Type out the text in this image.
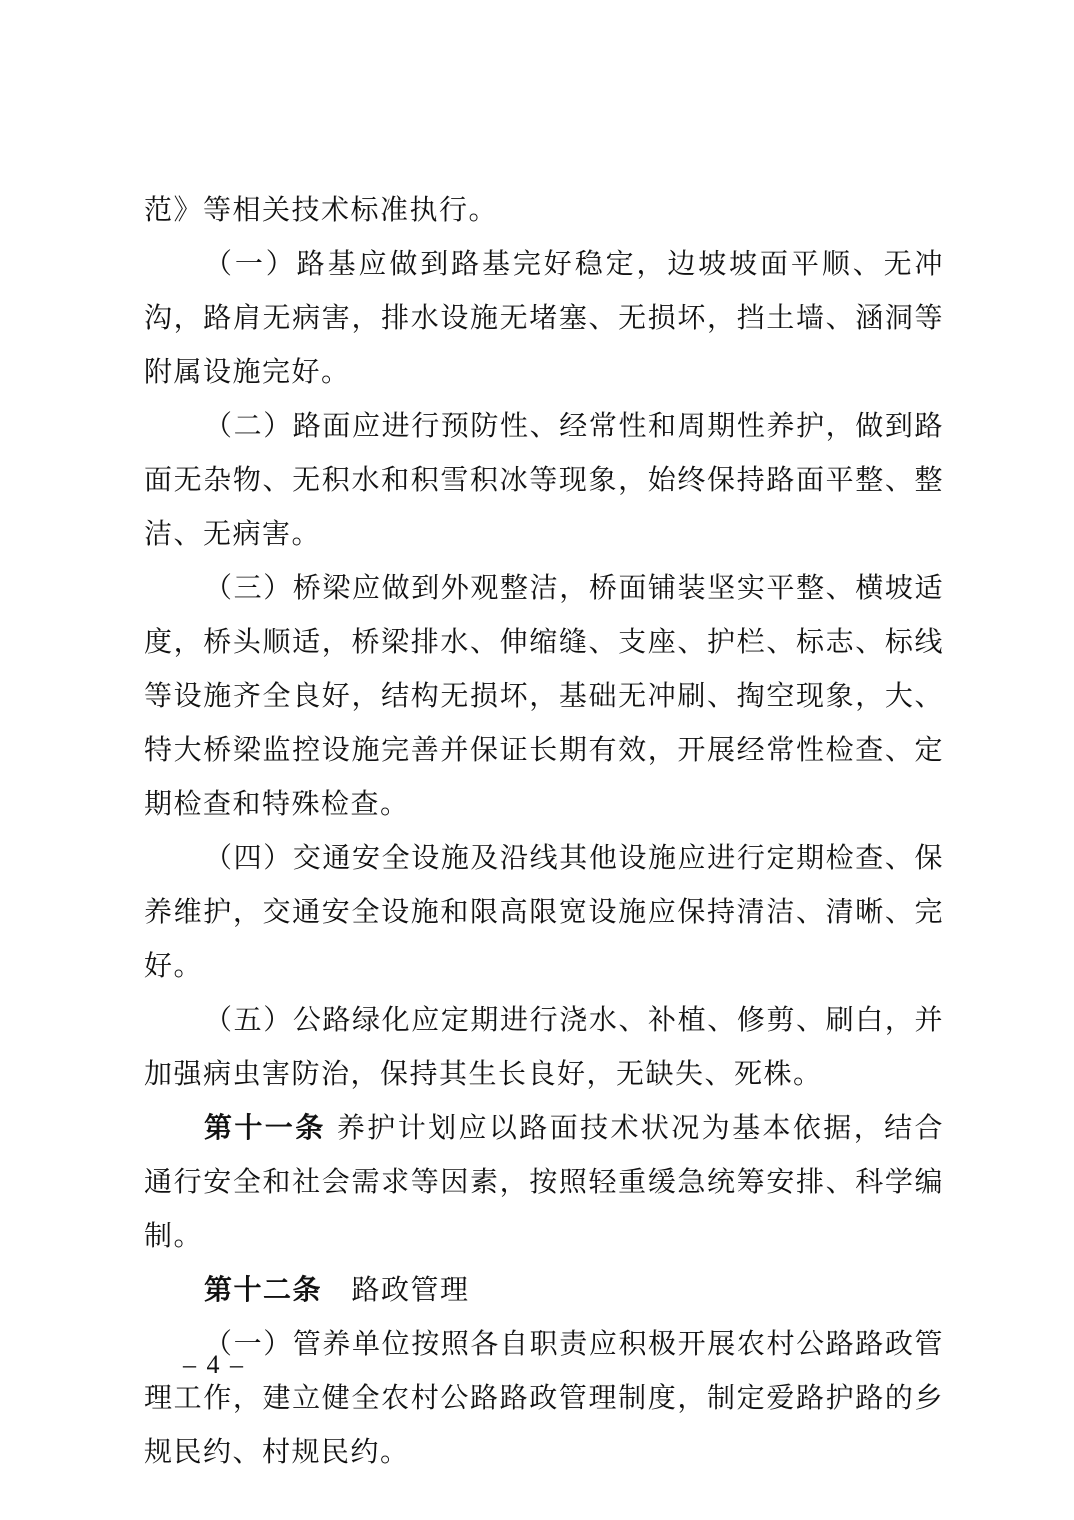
范》等相关技术标准执行。

（一）路基应做到路基完好稳定，边坡坡面平顺、无冲沟，路肩无病害，排水设施无堵塞、无损坏，挡土墙、涵洞等附属设施完好。

（二）路面应进行预防性、经常性和周期性养护，做到路面无杂物、无积水和积雪积冰等现象，始终保持路面平整、整洁、无病害。

（三）桥梁应做到外观整洁，桥面铺装坚实平整、横坡适度，桥头顺适，桥梁排水、伸缩缝、支座、护栏、标志、标线等设施齐全良好，结构无损坏，基础无冲刷、掏空现象，大、特大桥梁监控设施完善并保证长期有效，开展经常性检查、定期检查和特殊检查。

（四）交通安全设施及沿线其他设施应进行定期检查、保养维护，交通安全设施和限高限宽设施应保持清洁、清晰、完好。

（五）公路绿化应定期进行浇水、补植、修剪、刷白，并加强病虫害防治，保持其生长良好，无缺失、死株。

第十一条 养护计划应以路面技术状况为基本依据，结合通行安全和社会需求等因素，按照轻重缓急统筹安排、科学编制。

第十二条　路政管理

（一）管养单位按照各自职责应积极开展农村公路路政管理工作，建立健全农村公路路政管理制度，制定爱路护路的乡规民约、村规民约。

– 4 –
